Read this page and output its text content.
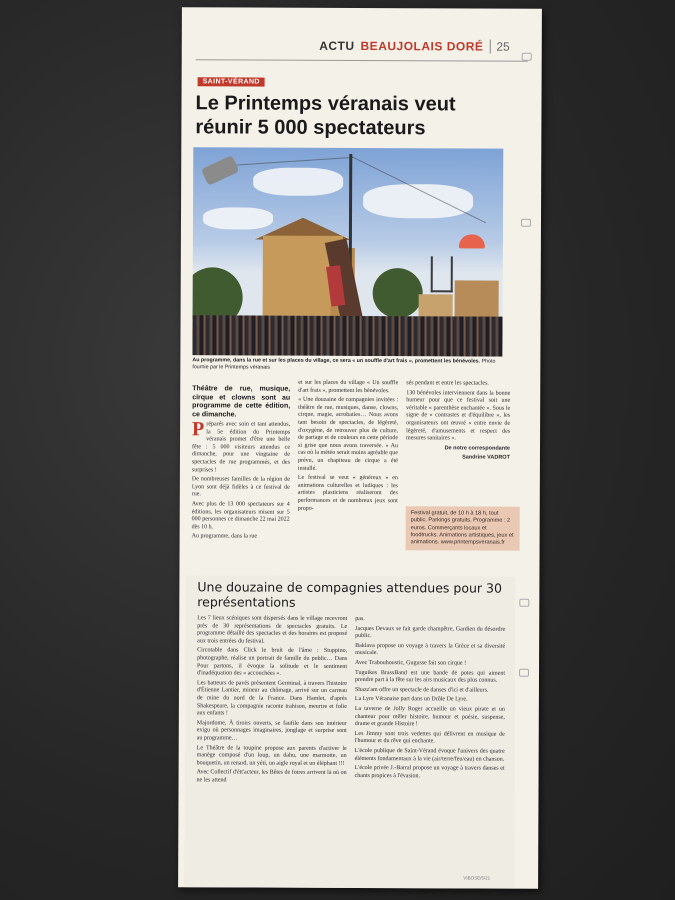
ACTU BEAUJOLAIS DORÉ	25
SAINT-VÉRAND
Le Printemps véranais veut réunir 5 000 spectateurs
Au programme, dans la rue et sur les places du village, ce sera « un souffle d'art frais », promettent les bénévoles. Photo fournie par le Printemps véranais

Théâtre de rue, musique, cirque et clowns sont au programme de cette édition, ce dimanche.

Préparés avec soin et tant attendus, la 5e édition du Printemps véranais promet d'être une belle fête : 5 000 visiteurs attendus ce dimanche, pour une vingtaine de spectacles de rue programmés, et des surprises !

De nombreuses familles de la région de Lyon sont déjà fidèles à ce festival de rue.

Avec plus de 13 000 spectateurs sur 4 éditions, les organisateurs misent sur 5 000 personnes ce dimanche 22 mai 2022 dès 10 h.

Au programme, dans la rue

et sur les places du village « Un souffle d'art frais », promettent les bénévoles.

« Une douzaine de compagnies invitées : théâtre de rue, musiques, danse, clowns, cirque, magie, acrobaties… Nous avons tant besoin de spectacles, de légèreté, d'oxygène, de retrouver plus de culture, de partage et de couleurs en cette période si grise que nous avons traversée. » Au cas où la météo serait moins agréable que prévu, un chapiteau de cirque a été installé.

Le festival se veut « généreux » en animations culturelles et ludiques : les artistes plasticiens réaliseront des performances et de nombreux jeux sont propo-

sés pendant et entre les spectacles.

130 bénévoles interviennent dans la bonne humeur pour que ce festival soit une véritable « parenthèse enchantée ». Sous le signe de « contrastes et d'équilibre », les organisateurs ont œuvré « entre envie de légèreté, d'amusements et respect des mesures sanitaires ».

De notre correspondante

Sandrine VADROT

Festival gratuit, de 10 h à 18 h, tout public. Parkings gratuits. Programme : 2 euros. Commerçants locaux et foodtrucks. Animations artistiques, jeux et animations. www.printempsveranais.fr
Une douzaine de compagnies attendues pour 30 représentations

Les 7 lieux scéniques sont dispersés dans le village recevront près de 30 représentations de spectacles gratuits. Le programme détaillé des spectacles et des horaires est proposé aux trois entrées du festival.

Circotable dans Click le bruit de l'âme : Stuppino, photographe, réalise un portrait de famille du public… Dans Pour partons, il évoque la solitude et le sentiment d'inadéquation des « accouchées ».

Les batteurs de pavés présentent Germinal, à travers l'histoire d'Étienne Lantier, mineur au chômage, arrivé sur un carreau de mine du nord de la France. Dans Hamlet, d'après Shakespeare, la compagnie raconte trahison, meurtre et folie aux enfants !

Majordome, À tiroirs ouverts, se faufile dans son intérieur exigu où personnages imaginaires, jonglage et surprise sont au programme…

Le Théâtre de la toupine propose aux parents d'activer le manège composé d'un loup, un dahu, une marmotte, un bouquetin, un renard, un yéti, un aigle royal et un éléphant !!!

Avec Collectif d'étt'acteur, les Bêtes de foires arrivent là où on ne les attend

pas.

Jacques Devaux se fait garde champêtre, Gardien du désordre public.

Baklava propose un voyage à travers la Grèce et sa diversité musicale.

Avec Trabouhoustic, Gugusse fait son cirque !

Tuguikes BrassBand est une bande de potes qui aiment prendre part à la fête sur les airs musicaux des plus connus.

Shazz'am offre un spectacle de danses d'ici et d'ailleurs.

La Lyre Véranaise part dans un Drôle De Lyre.

La taverne de Jolly Roger accueille un vieux pirate et un chanteur pour mêler histoire, humour et poésie, suspense, drame et grande Histoire !

Les Jimmy sont trois vedettes qui délivrent en musique de l'humour et du rêve qui enchante.

L'école publique de Saint-Vérand évoque l'univers des quatre éléments fondamentaux à la vie (air/terre/feu/eau) en chanson.

L'école privée J.-Barral propose un voyage à travers danses et chants propices à l'évasion.

VIBOSE/5/21
